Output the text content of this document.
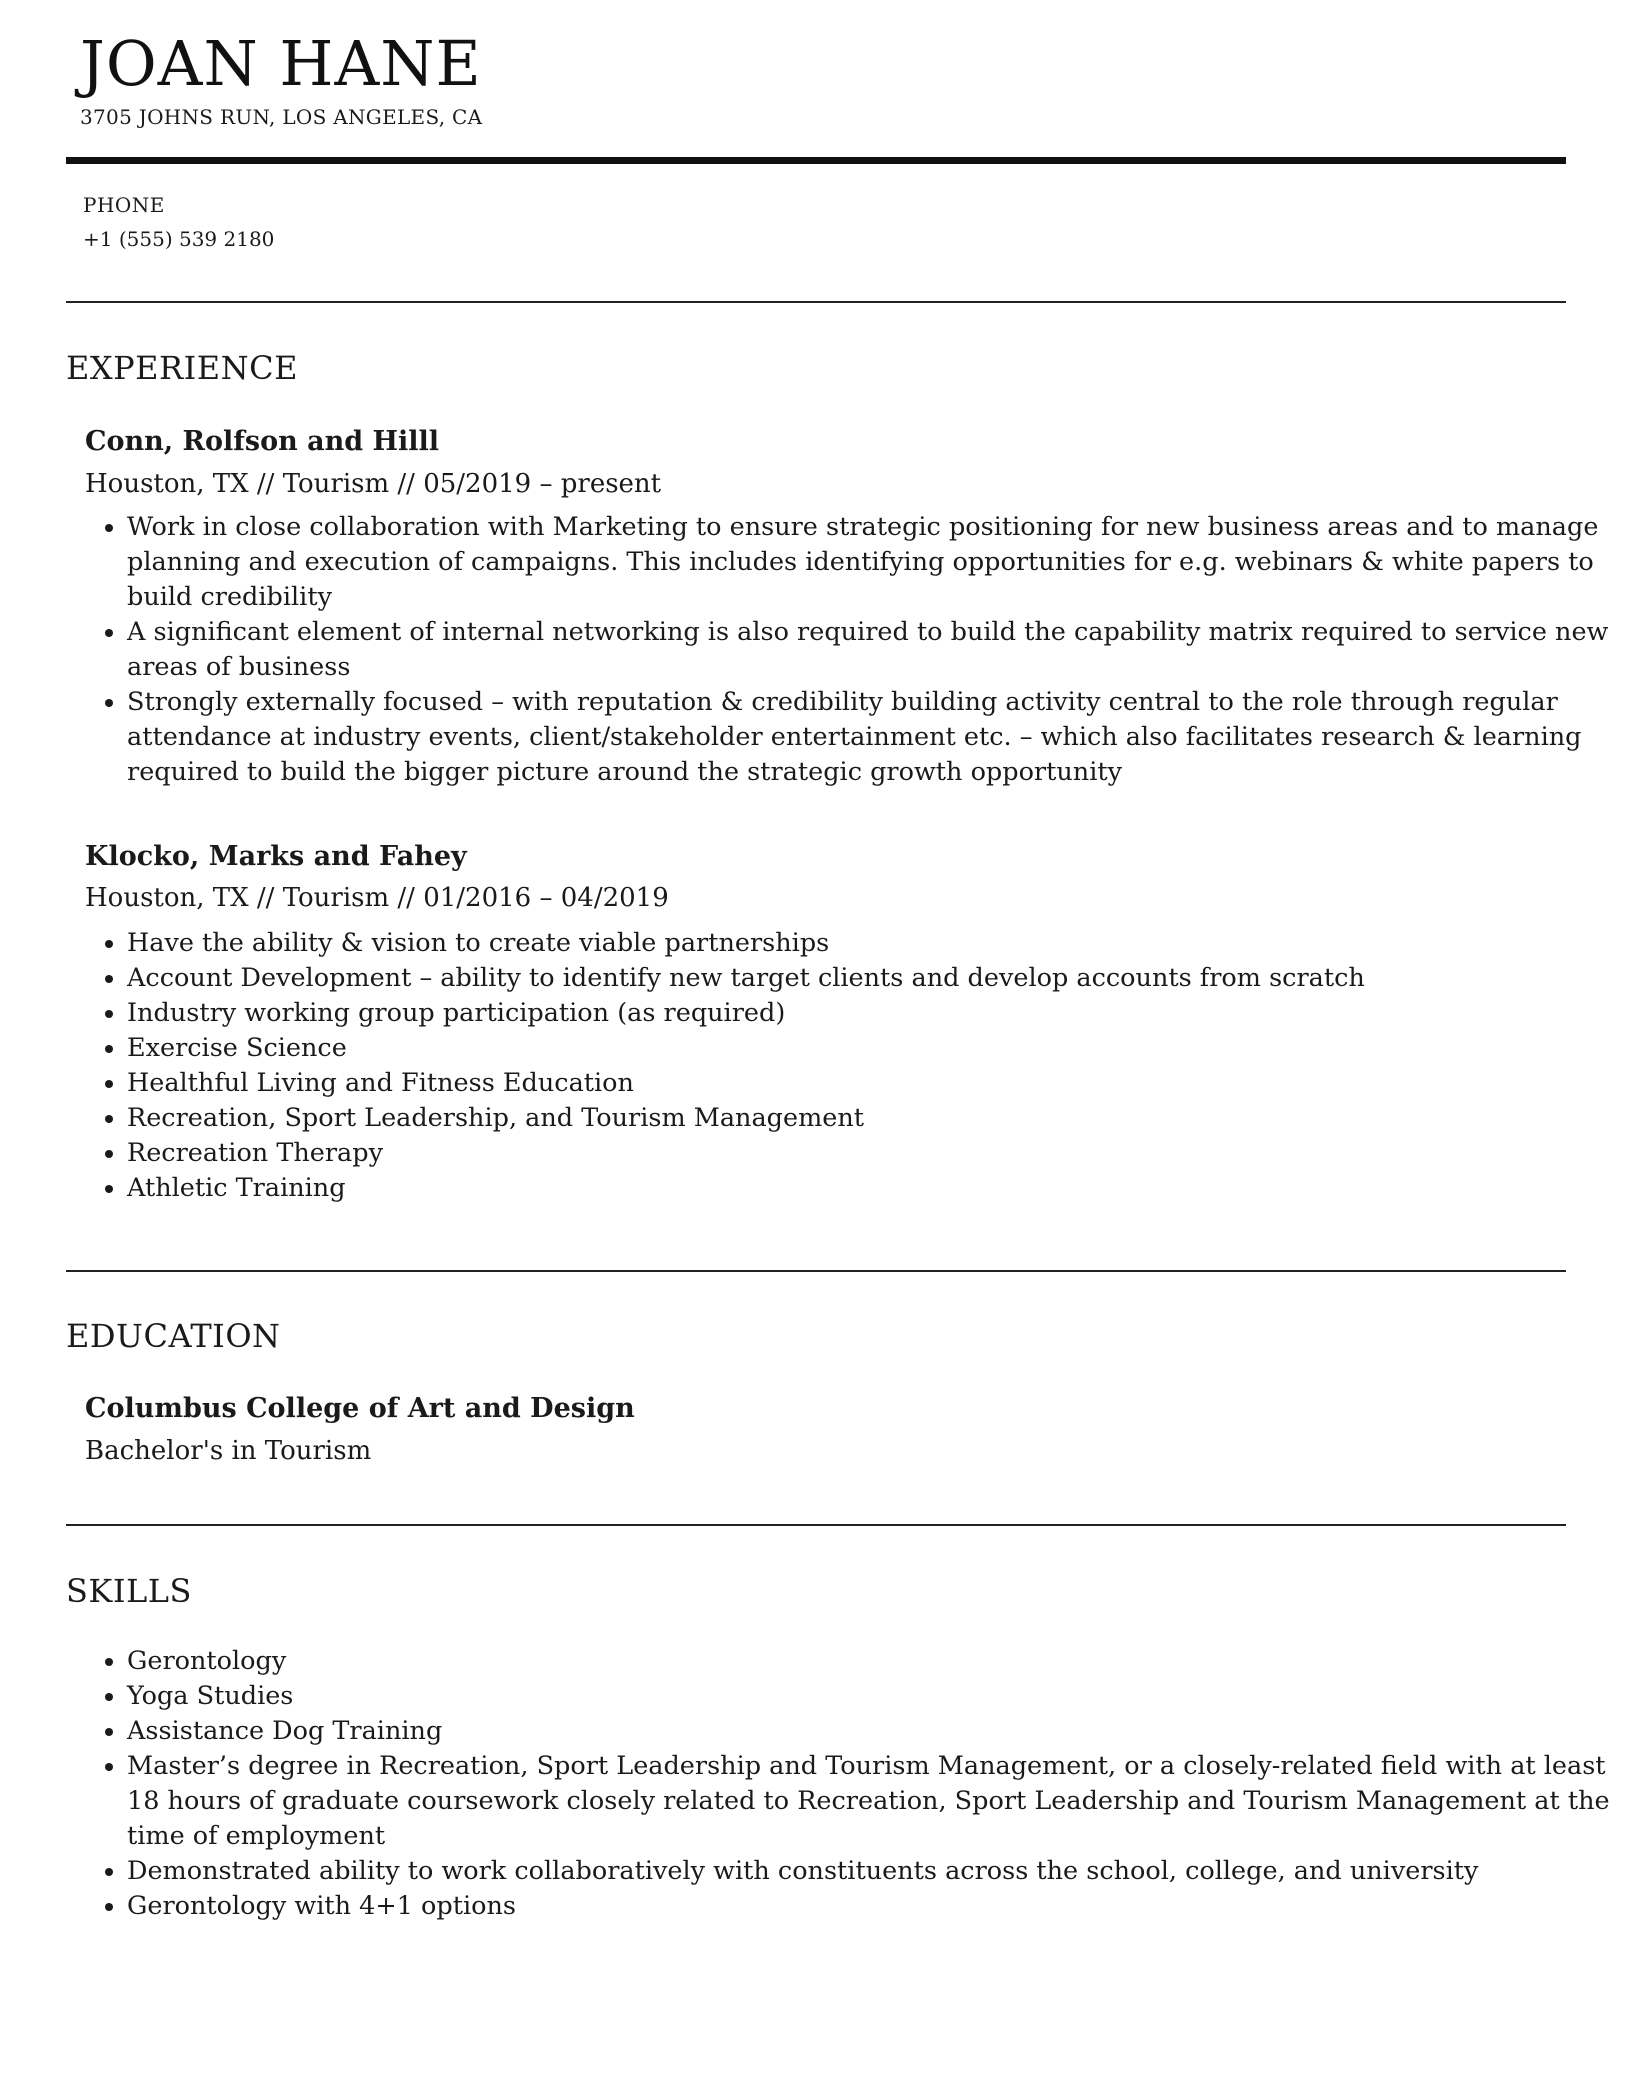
JOAN HANE
3705 JOHNS RUN, LOS ANGELES, CA
PHONE
+1 (555) 539 2180
EXPERIENCE
Conn, Rolfson and Hilll
Houston, TX // Tourism // 05/2019 – present
• Work in close collaboration with Marketing to ensure strategic positioning for new business areas and to manage planning and execution of campaigns. This includes identifying opportunities for e.g. webinars & white papers to build credibility
• A significant element of internal networking is also required to build the capability matrix required to service new areas of business
• Strongly externally focused – with reputation & credibility building activity central to the role through regular attendance at industry events, client/stakeholder entertainment etc. – which also facilitates research & learning required to build the bigger picture around the strategic growth opportunity
Klocko, Marks and Fahey
Houston, TX // Tourism // 01/2016 – 04/2019
• Have the ability & vision to create viable partnerships
• Account Development – ability to identify new target clients and develop accounts from scratch
• Industry working group participation (as required)
• Exercise Science
• Healthful Living and Fitness Education
• Recreation, Sport Leadership, and Tourism Management
• Recreation Therapy
• Athletic Training
EDUCATION
Columbus College of Art and Design
Bachelor's in Tourism
SKILLS
• Gerontology
• Yoga Studies
• Assistance Dog Training
• Master’s degree in Recreation, Sport Leadership and Tourism Management, or a closely-related field with at least 18 hours of graduate coursework closely related to Recreation, Sport Leadership and Tourism Management at the time of employment
• Demonstrated ability to work collaboratively with constituents across the school, college, and university
• Gerontology with 4+1 options
